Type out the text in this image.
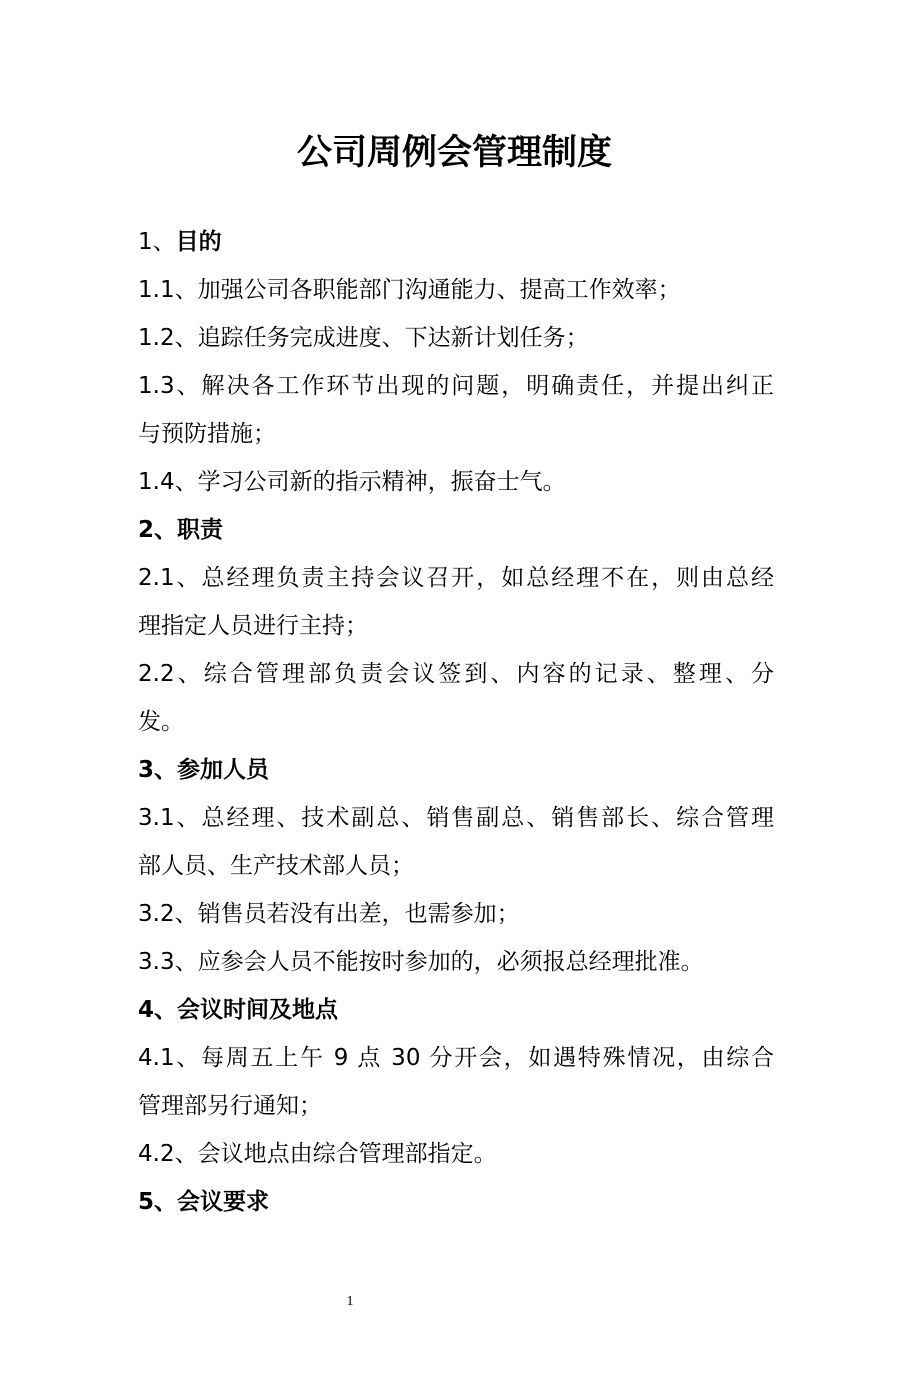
公司周例会管理制度
1、目的
1.1、加强公司各职能部门沟通能力、提高工作效率；
1.2、追踪任务完成进度、下达新计划任务；
1.3、解决各工作环节出现的问题，明确责任，并提出纠正
与预防措施；
1.4、学习公司新的指示精神，振奋士气。
2、职责
2.1、总经理负责主持会议召开，如总经理不在，则由总经
理指定人员进行主持；
2.2、综合管理部负责会议签到、内容的记录、整理、分
发。
3、参加人员
3.1、总经理、技术副总、销售副总、销售部长、综合管理
部人员、生产技术部人员；
3.2、销售员若没有出差，也需参加；
3.3、应参会人员不能按时参加的，必须报总经理批准。
4、会议时间及地点
4.1、每周五上午 9 点 30 分开会，如遇特殊情况，由综合
管理部另行通知；
4.2、会议地点由综合管理部指定。
5、会议要求
1
